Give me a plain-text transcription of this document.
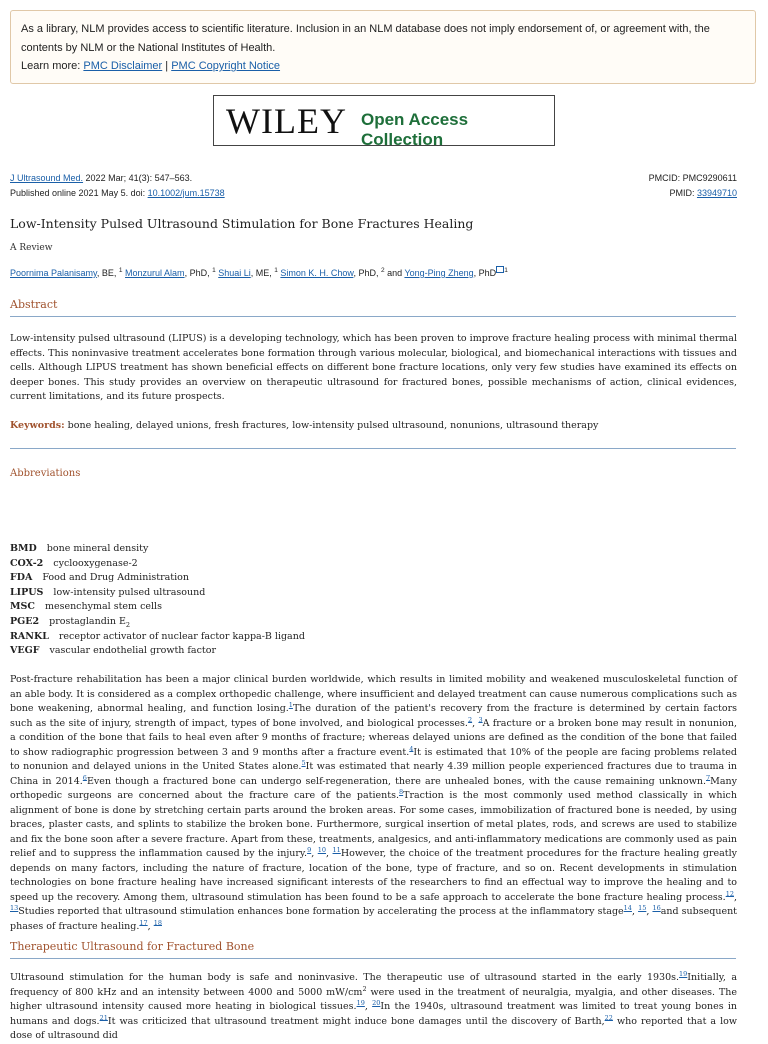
As a library, NLM provides access to scientific literature. Inclusion in an NLM database does not imply endorsement of, or agreement with, the contents by NLM or the National Institutes of Health.
Learn more: PMC Disclaimer | PMC Copyright Notice
WILEY Open Access Collection
J Ultrasound Med. 2022 Mar; 41(3): 547–563.	PMCID: PMC9290611
Published online 2021 May 5. doi: 10.1002/jum.15738	PMID: 33949710
Low-Intensity Pulsed Ultrasound Stimulation for Bone Fractures Healing
A Review
Poornima Palanisamy, BE, $^1$ Monzurul Alam, PhD, $^1$ Shuai Li, ME, $^1$ Simon K. H. Chow, PhD, $^2$ and Yong-Ping Zheng, PhD $^1$
Abstract
Low-intensity pulsed ultrasound (LIPUS) is a developing technology, which has been proven to improve fracture healing process with minimal thermal effects. This noninvasive treatment accelerates bone formation through various molecular, biological, and biomechanical interactions with tissues and cells. Although LIPUS treatment has shown beneficial effects on different bone fracture locations, only very few studies have examined its effects on deeper bones. This study provides an overview on therapeutic ultrasound for fractured bones, possible mechanisms of action, clinical evidences, current limitations, and its future prospects.
Keywords: bone healing, delayed unions, fresh fractures, low-intensity pulsed ultrasound, nonunions, ultrasound therapy
Abbreviations
BMD bone mineral density
COX-2 cyclooxygenase-2
FDA Food and Drug Administration
LIPUS low-intensity pulsed ultrasound
MSC mesenchymal stem cells
PGE2 prostaglandin $E_2$
RANKL receptor activator of nuclear factor kappa-B ligand
VEGF vascular endothelial growth factor
Post-fracture rehabilitation has been a major clinical burden worldwide, which results in limited mobility and weakened musculoskeletal function of an able body. It is considered as a complex orthopedic challenge, where insufficient and delayed treatment can cause numerous complications such as bone weakening, abnormal healing, and function losing.$^1$The duration of the patient's recovery from the fracture is determined by certain factors such as the site of injury, strength of impact, types of bone involved, and biological processes.$^2$, $^3$A fracture or a broken bone may result in nonunion, a condition of the bone that fails to heal even after 9 months of fracture; whereas delayed unions are defined as the condition of the bone that failed to show radiographic progression between 3 and 9 months after a fracture event.$^4$It is estimated that 10% of the people are facing problems related to nonunion and delayed unions in the United States alone.$^5$It was estimated that nearly 4.39 million people experienced fractures due to trauma in China in 2014.$^6$Even though a fractured bone can undergo self-regeneration, there are unhealed bones, with the cause remaining unknown.$^7$Many orthopedic surgeons are concerned about the fracture care of the patients.$^8$Traction is the most commonly used method classically in which alignment of bone is done by stretching certain parts around the broken areas. For some cases, immobilization of fractured bone is needed, by using braces, plaster casts, and splints to stabilize the broken bone. Furthermore, surgical insertion of metal plates, rods, and screws are used to stabilize and fix the bone soon after a severe fracture. Apart from these, treatments, analgesics, and anti-inflammatory medications are commonly used as pain relief and to suppress the inflammation caused by the injury.$^9$, $^{10}$, $^{11}$However, the choice of the treatment procedures for the fracture healing greatly depends on many factors, including the nature of fracture, location of the bone, type of fracture, and so on. Recent developments in stimulation technologies on bone fracture healing have increased significant interests of the researchers to find an effectual way to improve the healing and to speed up the recovery. Among them, ultrasound stimulation has been found to be a safe approach to accelerate the bone fracture healing process.$^{12}$, $^{13}$Studies reported that ultrasound stimulation enhances bone formation by accelerating the process at the inflammatory stage$^{14}$, $^{15}$, $^{16}$and subsequent phases of fracture healing.$^{17}$, $^{18}$
Therapeutic Ultrasound for Fractured Bone
Ultrasound stimulation for the human body is safe and noninvasive. The therapeutic use of ultrasound started in the early 1930s.$^{19}$Initially, a frequency of 800 kHz and an intensity between 4000 and 5000 $mW/cm^2$ were used in the treatment of neuralgia, myalgia, and other diseases. The higher ultrasound intensity caused more heating in biological tissues.$^{19}$, $^{20}$In the 1940s, ultrasound treatment was limited to treat young bones in humans and dogs.$^{21}$It was criticized that ultrasound treatment might induce bone damages until the discovery of Barth,$^{22}$ who reported that a low dose of ultrasound did
